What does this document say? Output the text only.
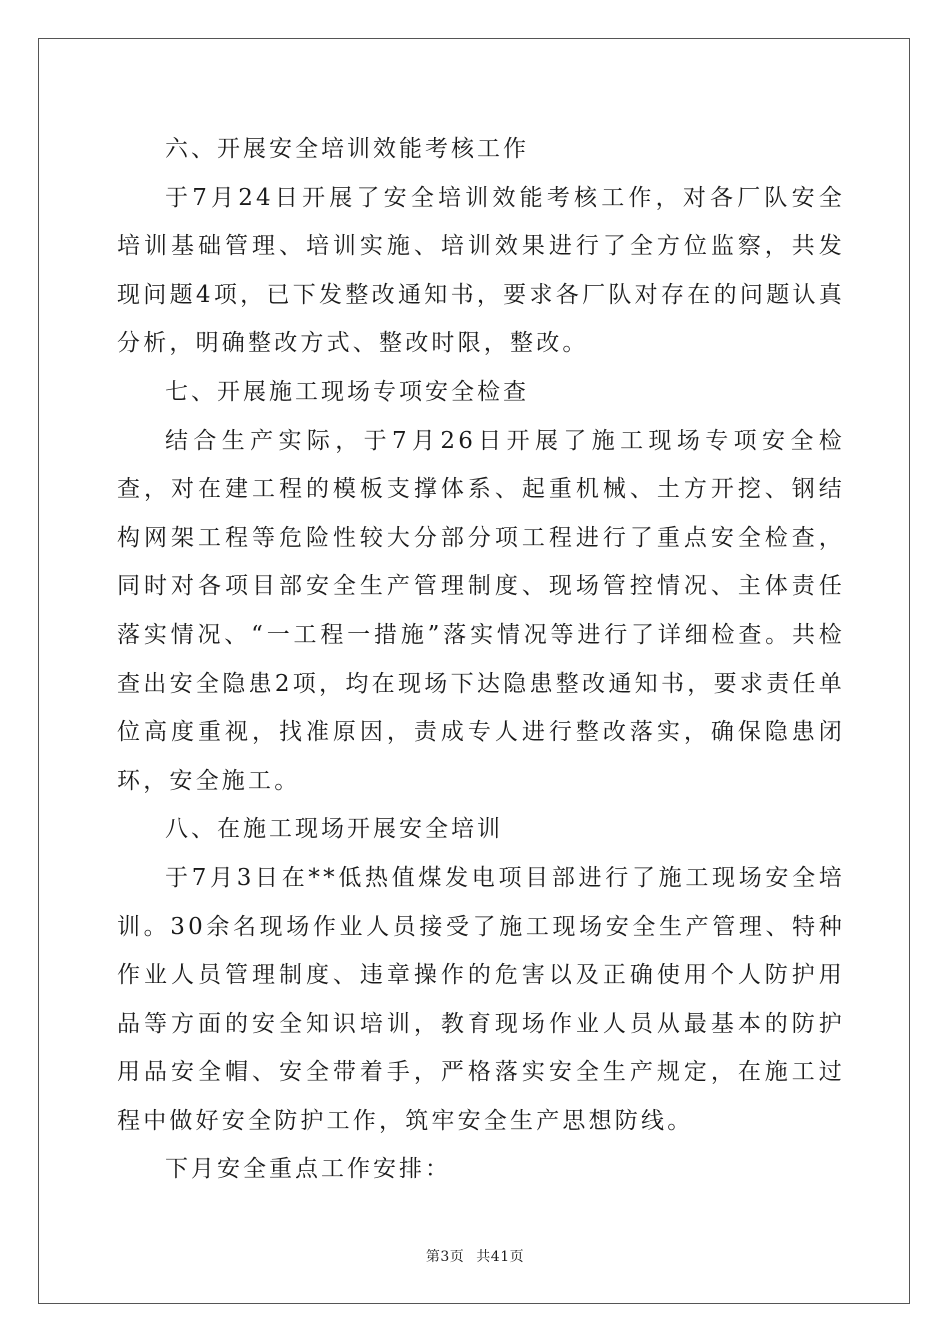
六、开展安全培训效能考核工作

于7月24日开展了安全培训效能考核工作，对各厂队安全培训基础管理、培训实施、培训效果进行了全方位监察，共发现问题4项，已下发整改通知书，要求各厂队对存在的问题认真分析，明确整改方式、整改时限，整改。

七、开展施工现场专项安全检查

结合生产实际，于7月26日开展了施工现场专项安全检查，对在建工程的模板支撑体系、起重机械、土方开挖、钢结构网架工程等危险性较大分部分项工程进行了重点安全检查，同时对各项目部安全生产管理制度、现场管控情况、主体责任落实情况、“一工程一措施”落实情况等进行了详细检查。共检查出安全隐患2项，均在现场下达隐患整改通知书，要求责任单位高度重视，找准原因，责成专人进行整改落实，确保隐患闭环，安全施工。

八、在施工现场开展安全培训

于7月3日在**低热值煤发电项目部进行了施工现场安全培训。30余名现场作业人员接受了施工现场安全生产管理、特种作业人员管理制度、违章操作的危害以及正确使用个人防护用品等方面的安全知识培训，教育现场作业人员从最基本的防护用品安全帽、安全带着手，严格落实安全生产规定，在施工过程中做好安全防护工作，筑牢安全生产思想防线。

下月安全重点工作安排：

第3页 共41页
